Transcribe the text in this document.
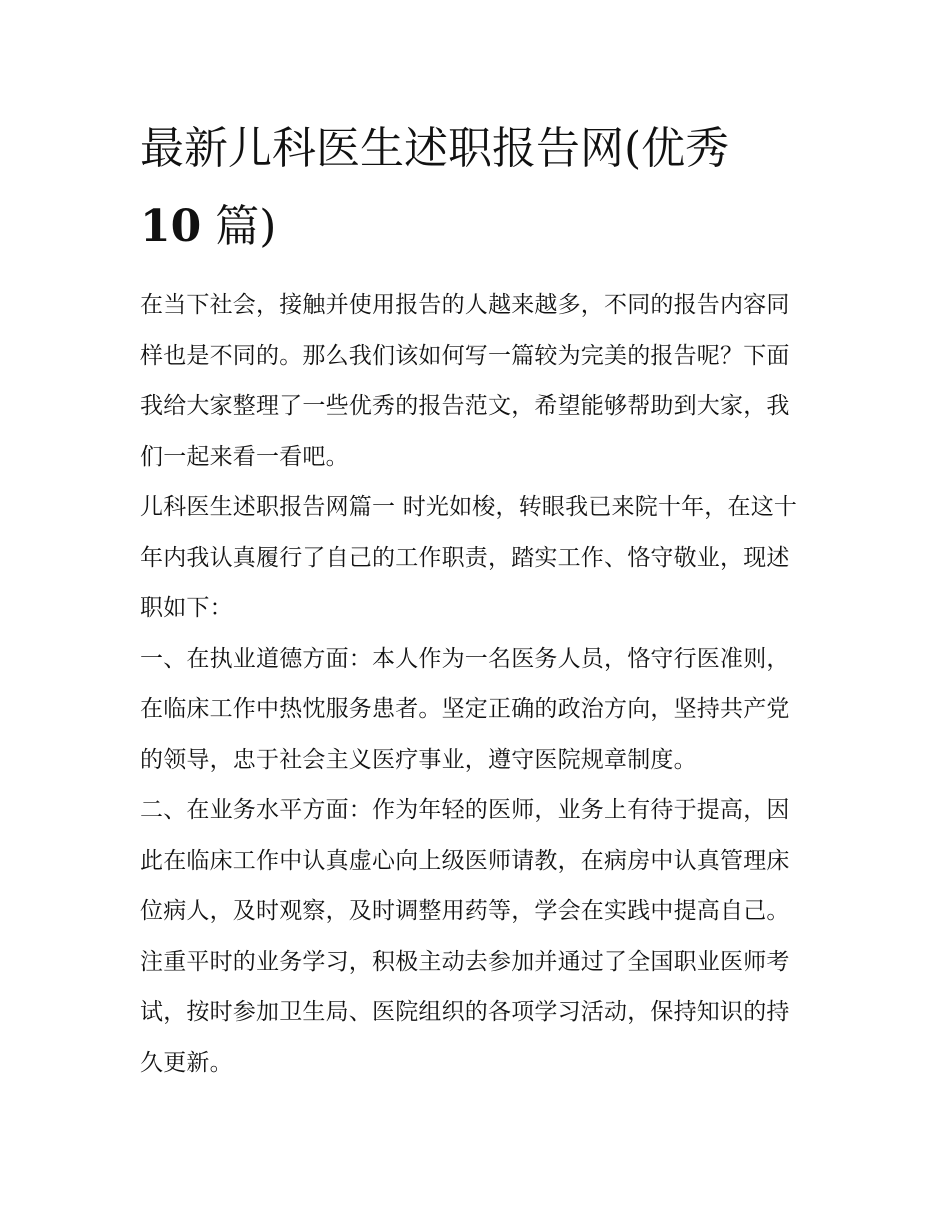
最新儿科医生述职报告网(优秀
10 篇)

在当下社会，接触并使用报告的人越来越多，不同的报告内容同样也是不同的。那么我们该如何写一篇较为完美的报告呢？下面我给大家整理了一些优秀的报告范文，希望能够帮助到大家，我们一起来看一看吧。

儿科医生述职报告网篇一 时光如梭，转眼我已来院十年，在这十年内我认真履行了自己的工作职责，踏实工作、恪守敬业，现述职如下：

一、在执业道德方面：本人作为一名医务人员，恪守行医准则，在临床工作中热忱服务患者。坚定正确的政治方向，坚持共产党的领导，忠于社会主义医疗事业，遵守医院规章制度。

二、在业务水平方面：作为年轻的医师，业务上有待于提高，因此在临床工作中认真虚心向上级医师请教，在病房中认真管理床位病人，及时观察，及时调整用药等，学会在实践中提高自己。注重平时的业务学习，积极主动去参加并通过了全国职业医师考试，按时参加卫生局、医院组织的各项学习活动，保持知识的持久更新。
